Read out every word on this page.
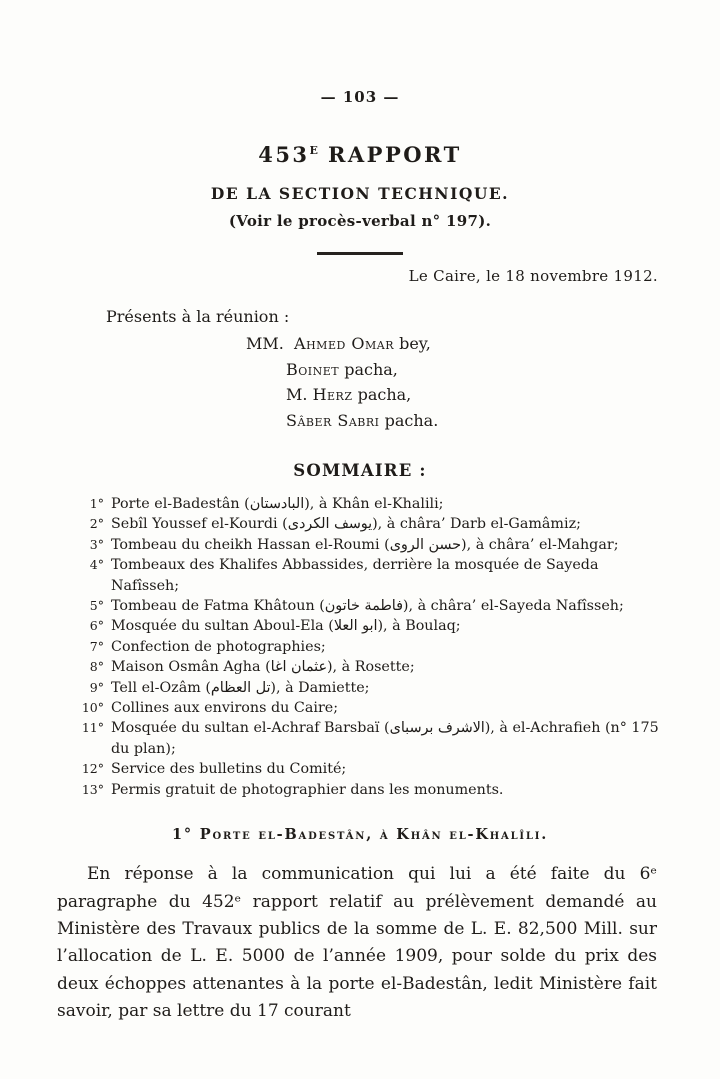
— 103 —
$453^E$ RAPPORT
DE LA SECTION TECHNIQUE.
(Voir le procès-verbal n° 197).
Le Caire, le 18 novembre 1912.
Présents à la réunion :
MM. Ahmed Omar bey,
Boinet pacha,
M. Herz pacha,
Sâber Sabri pacha.
SOMMAIRE :
1° Porte el-Badestân (البادستان), à Khân el-Khalili;
2° Sebîl Youssef el-Kourdi (يوسف الكردى), à châra’ Darb el-Gamâmiz;
3° Tombeau du cheikh Hassan el-Roumi (حسن الروى), à châra’ el-Mahgar;
4° Tombeaux des Khalifes Abbassides, derrière la mosquée de Sayeda Nafîsseh;
5° Tombeau de Fatma Khâtoun (فاطمة خاتون), à châra’ el-Sayeda Nafîsseh;
6° Mosquée du sultan Aboul-Ela (ابو العلا), à Boulaq;
7° Confection de photographies;
8° Maison Osmân Agha (عثمان اغا), à Rosette;
9° Tell el-Ozâm (تل العظام), à Damiette;
10° Collines aux environs du Caire;
11° Mosquée du sultan el-Achraf Barsbaï (الاشرف برسباى), à el-Achrafieh (n° 175 du plan);
12° Service des bulletins du Comité;
13° Permis gratuit de photographier dans les monuments.
1° Porte el-Badestân, à Khân el-Khalîli.
En réponse à la communication qui lui a été faite du 6ᵉ paragraphe du 452ᵉ rapport relatif au prélèvement demandé au Ministère des Travaux publics de la somme de L. E. 82,500 Mill. sur l’allocation de L. E. 5000 de l’année 1909, pour solde du prix des deux échoppes attenantes à la porte el-Badestân, ledit Ministère fait savoir, par sa lettre du 17 courant
